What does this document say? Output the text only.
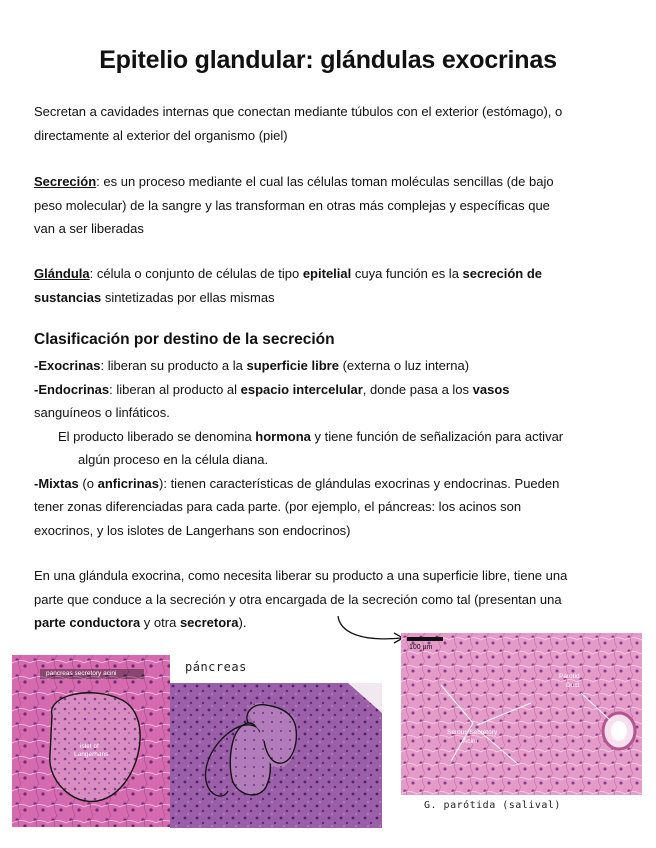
Epitelio glandular: glándulas exocrinas

Secretan a cavidades internas que conectan mediante túbulos con el exterior (estómago), o
directamente al exterior del organismo (piel)

Secreción: es un proceso mediante el cual las células toman moléculas sencillas (de bajo
peso molecular) de la sangre y las transforman en otras más complejas y específicas que
van a ser liberadas

Glándula: célula o conjunto de células de tipo epitelial cuya función es la secreción de
sustancias sintetizadas por ellas mismas

Clasificación por destino de la secreción

-Exocrinas: liberan su producto a la superficie libre (externa o luz interna)
-Endocrinas: liberan al producto al espacio intercelular, donde pasa a los vasos
sanguíneos o linfáticos.
El producto liberado se denomina hormona y tiene función de señalización para activar
algún proceso en la célula diana.
-Mixtas (o anficrinas): tienen características de glándulas exocrinas y endocrinas. Pueden
tener zonas diferenciadas para cada parte. (por ejemplo, el páncreas: los acinos son
exocrinos, y los islotes de Langerhans son endocrinos)

En una glándula exocrina, como necesita liberar su producto a una superficie libre, tiene una
parte que conduce a la secreción y otra encargada de la secreción como tal (presentan una
parte conductora y otra secretora).

pancreas secretory acini
islet of
Langerhans
páncreas
100 µm
Parotid
Duct
Serous Secretory
Acini
G. parótida (salival)
